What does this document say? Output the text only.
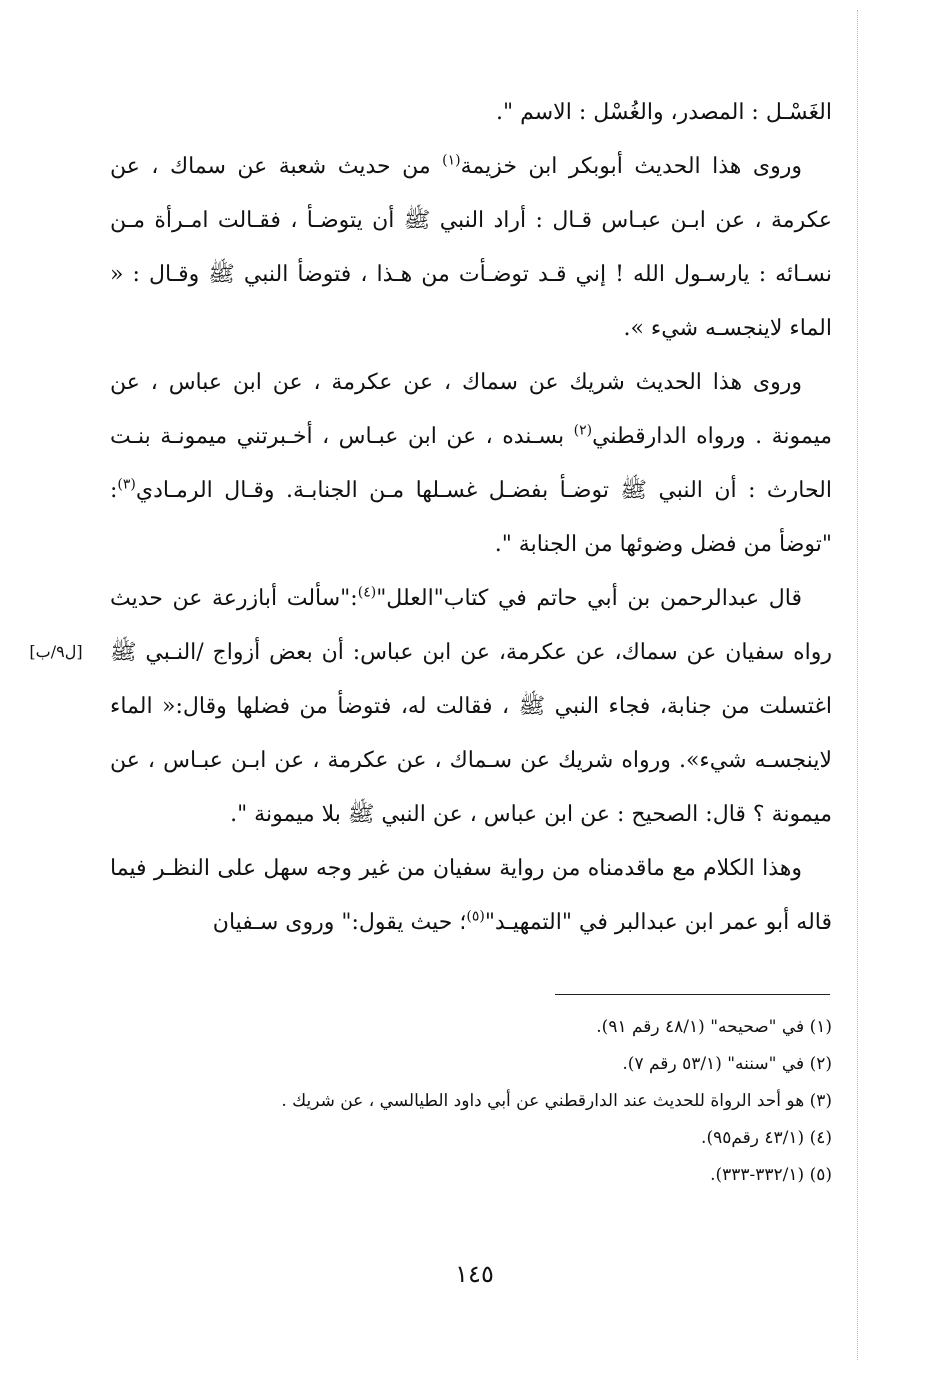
الغَسْـل : المصدر، والغُسْل : الاسم ".

وروى هذا الحديث أبوبكر ابن خزيمة$^{(١)}$ من حديث شعبة عن سماك ، عن عكرمة ، عن ابـن عبـاس قـال : أراد النبي ﷺ أن يتوضـأ ، فقـالت امـرأة مـن نسـائه : يارسـول الله ! إني قـد توضـأت من هـذا ، فتوضأ النبي ﷺ وقـال : « الماء لاينجسـه شيء ».

وروى هذا الحديث شريك عن سماك ، عن عكرمة ، عن ابن عباس ، عن ميمونة . ورواه الدارقطني$^{(٢)}$ بسـنده ، عن ابن عبـاس ، أخـبرتني ميمونـة بنـت الحارث : أن النبي ﷺ توضـأ بفضـل غسـلها مـن الجنابـة. وقـال الرمـادي$^{(٣)}$: "توضأ من فضل وضوئها من الجنابة ".

قال عبدالرحمن بن أبي حاتم في كتاب"العلل"$^{(٤)}$:"سألت أبازرعة عن حديث رواه سفيان عن سماك، عن عكرمة، عن ابن عباس: أن بعض أزواج /النـبي ﷺ اغتسلت من جنابة، فجاء النبي ﷺ ، فقالت له، فتوضأ من فضلها وقال:« الماء لاينجسـه شيء». ورواه شريك عن سـماك ، عن عكرمة ، عن ابـن عبـاس ، عن ميمونة ؟ قال: الصحيح : عن ابن عباس ، عن النبي ﷺ بلا ميمونة ".

وهذا الكلام مع ماقدمناه من رواية سفيان من غير وجه سهل على النظـر فيما قاله أبو عمر ابن عبدالبر في "التمهيـد"$^{(٥)}$؛ حيث يقول:" وروى سـفيان

[ل٩/ب]
(١) في "صحيحه" (٤٨/١ رقم ٩١).
(٢) في "سننه" (٥٣/١ رقم ٧).
(٣) هو أحد الرواة للحديث عند الدارقطني عن أبي داود الطيالسي ، عن شريك .
(٤) (٤٣/١ رقم٩٥).
(٥) (٣٣٢/١-٣٣٣).
١٤٥
